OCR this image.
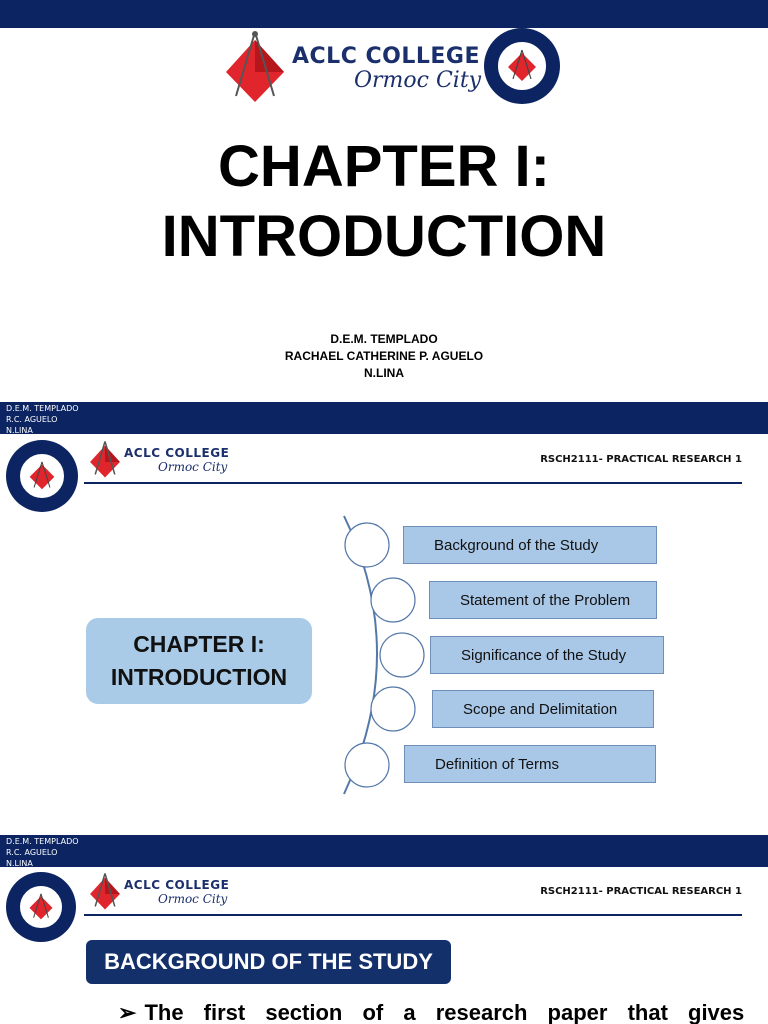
ACLC COLLEGE
Ormoc City
CHAPTER I:
INTRODUCTION
D.E.M. TEMPLADO
RACHAEL CATHERINE P. AGUELO
N.LINA
D.E.M. TEMPLADO
R.C. AGUELO
N.LINA
ACLC COLLEGE
Ormoc City
RSCH2111- PRACTICAL RESEARCH 1
CHAPTER I:
INTRODUCTION
Background of the Study
Statement of the Problem
Significance of the Study
Scope and Delimitation
Definition of Terms
D.E.M. TEMPLADO
R.C. AGUELO
N.LINA
ACLC COLLEGE
Ormoc City
RSCH2111- PRACTICAL RESEARCH 1
BACKGROUND OF THE STUDY
➢ The first section of a research paper that gives
